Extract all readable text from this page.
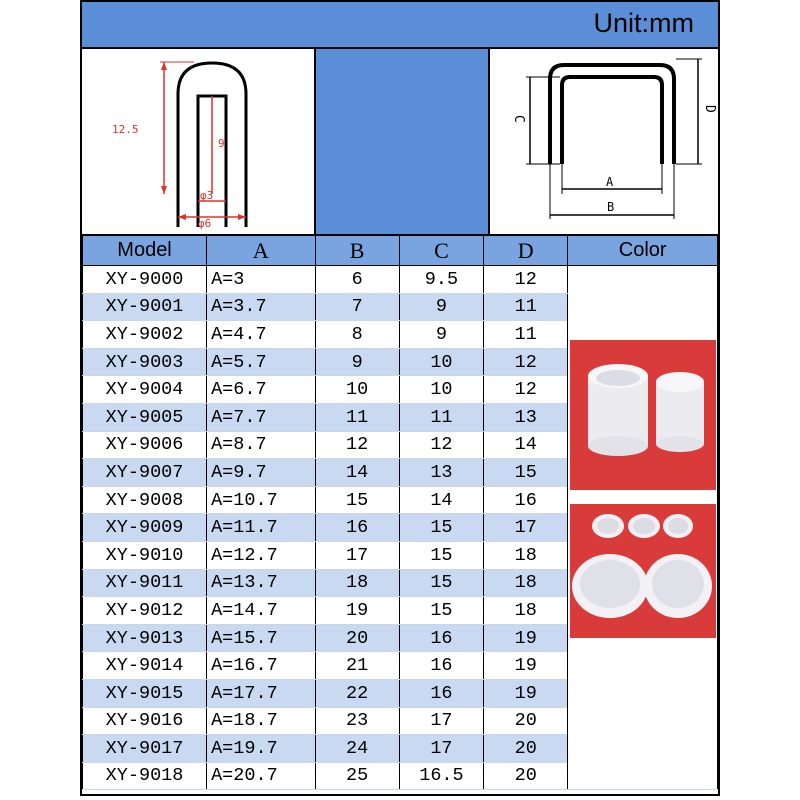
Unit:mm
12.5
9
φ3
φ6
C
D
A
B
Model	A	B	C	D	Color
XY-9000	A=3	6	9.5	12	

XY-9001	A=3.7	7	9	11	
XY-9002	A=4.7	8	9	11	
XY-9003	A=5.7	9	10	12	
XY-9004	A=6.7	10	10	12	
XY-9005	A=7.7	11	11	13	
XY-9006	A=8.7	12	12	14	
XY-9007	A=9.7	14	13	15	
XY-9008	A=10.7	15	14	16	
XY-9009	A=11.7	16	15	17	
XY-9010	A=12.7	17	15	18	
XY-9011	A=13.7	18	15	18	
XY-9012	A=14.7	19	15	18	
XY-9013	A=15.7	20	16	19	
XY-9014	A=16.7	21	16	19	
XY-9015	A=17.7	22	16	19	
XY-9016	A=18.7	23	17	20	
XY-9017	A=19.7	24	17	20	
XY-9018	A=20.7	25	16.5	20	
